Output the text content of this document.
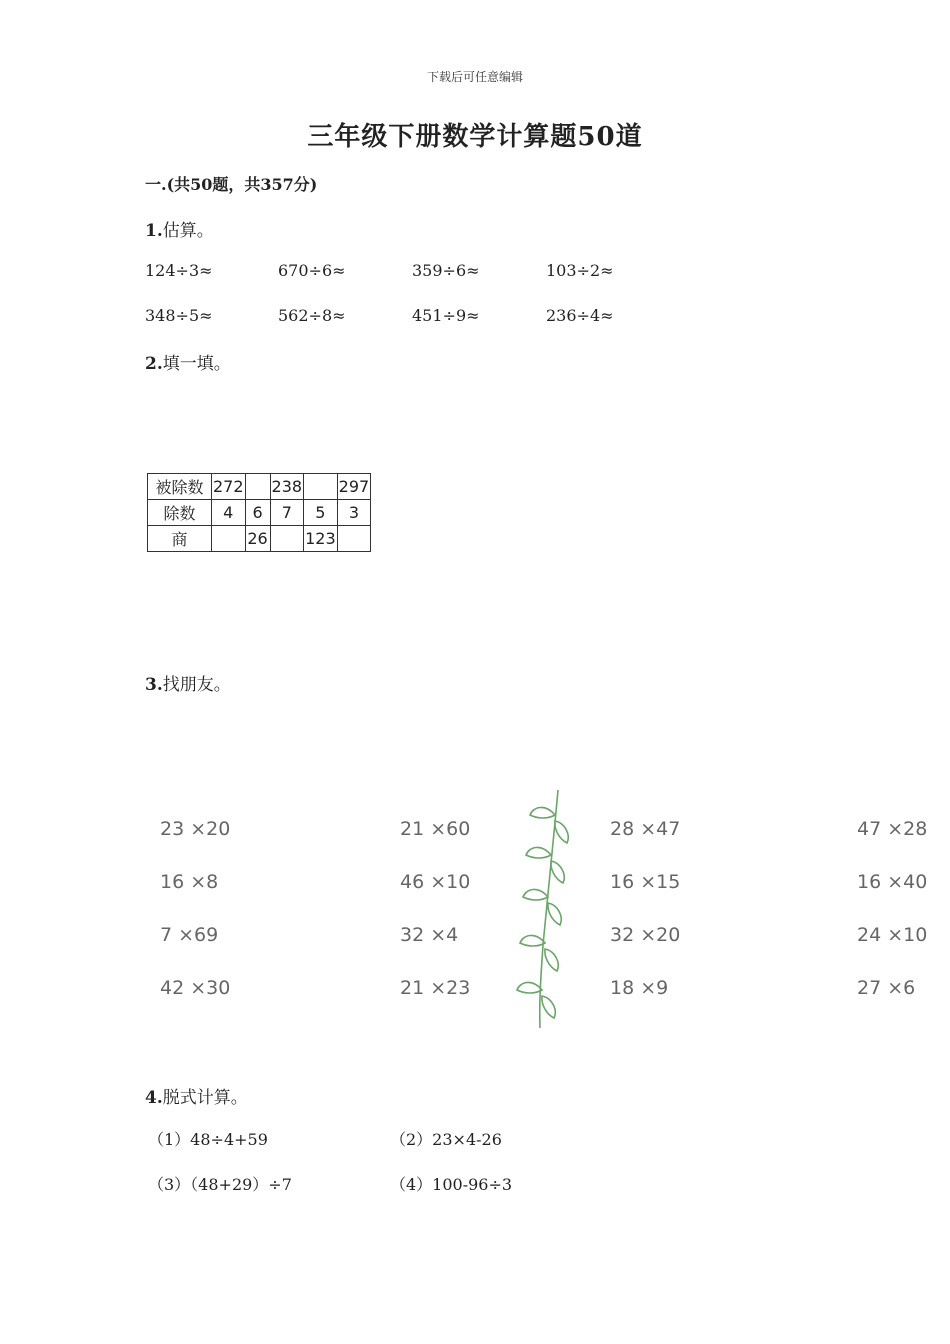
下载后可任意编辑
三年级下册数学计算题50道
一.(共50题，共357分)
1.估算。
124÷3≈	670÷6≈	359÷6≈	103÷2≈
348÷5≈	562÷8≈	451÷9≈	236÷4≈
2.填一填。
被除数	272		238		297
除数	4	6	7	5	3
商		26		123	
3.找朋友。
23 ×20
16 ×8
7 ×69
42 ×30
21 ×60
46 ×10
32 ×4
21 ×23
28 ×47
16 ×15
32 ×20
18 ×9
47 ×28
16 ×40
24 ×10
27 ×6
4.脱式计算。
（1）48÷4+59	（2）23×4-26
（3）（48+29）÷7	（4）100-96÷3
